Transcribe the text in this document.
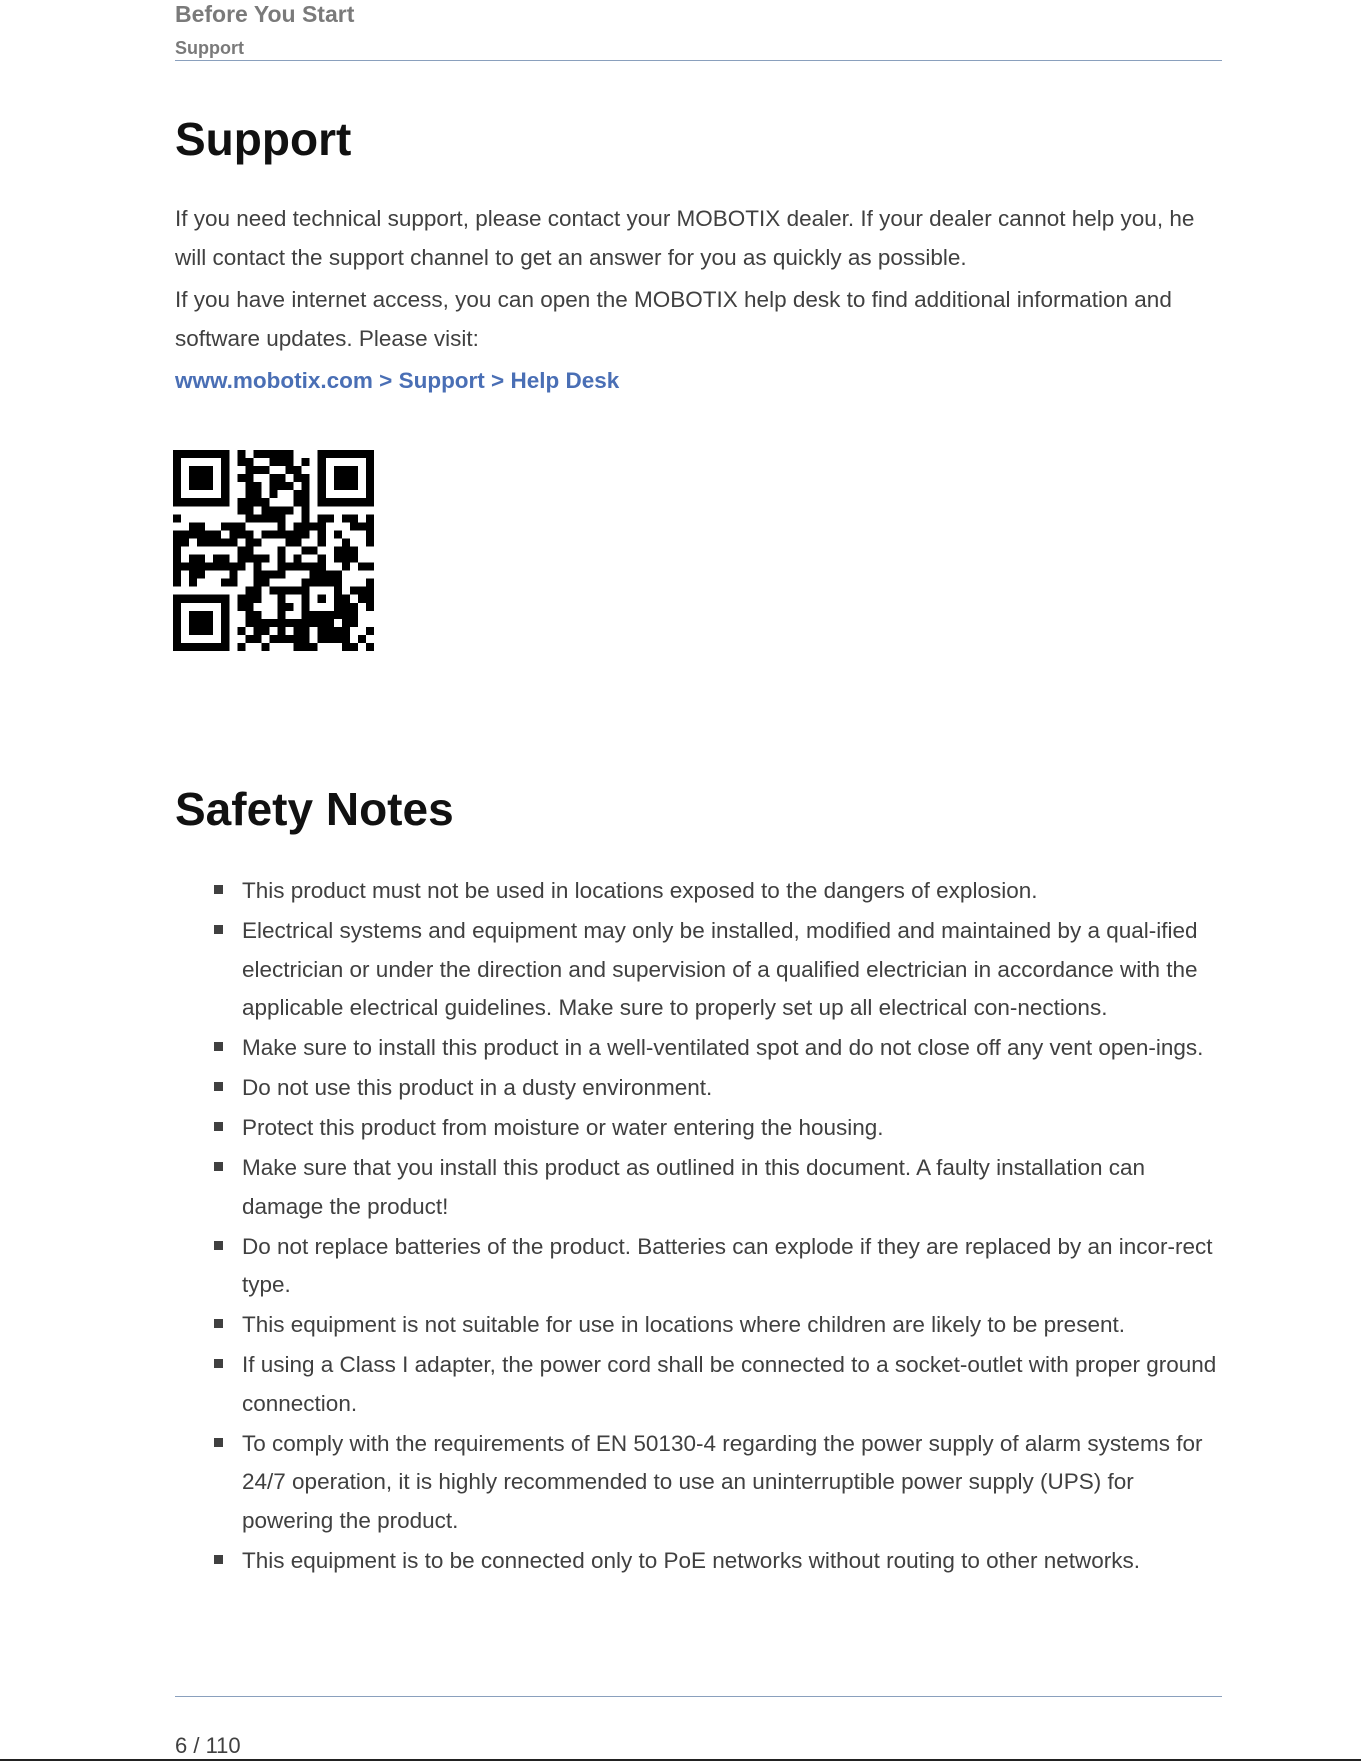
Before You Start
Support
Support

If you need technical support, please contact your MOBOTIX dealer. If your dealer cannot help you, he will contact the support channel to get an answer for you as quickly as possible.

If you have internet access, you can open the MOBOTIX help desk to find additional information and software updates. Please visit:

www.mobotix.com > Support > Help Desk
Safety Notes
This product must not be used in locations exposed to the dangers of explosion.
Electrical systems and equipment may only be installed, modified and maintained by a qual-ified electrician or under the direction and supervision of a qualified electrician in accordance with the applicable electrical guidelines. Make sure to properly set up all electrical con-nections.
Make sure to install this product in a well-ventilated spot and do not close off any vent open-ings.
Do not use this product in a dusty environment.
Protect this product from moisture or water entering the housing.
Make sure that you install this product as outlined in this document. A faulty installation can damage the product!
Do not replace batteries of the product. Batteries can explode if they are replaced by an incor-rect type.
This equipment is not suitable for use in locations where children are likely to be present.
If using a Class I adapter, the power cord shall be connected to a socket-outlet with proper ground connection.
To comply with the requirements of EN 50130-4 regarding the power supply of alarm systems for 24/7 operation, it is highly recommended to use an uninterruptible power supply (UPS) for powering the product.
This equipment is to be connected only to PoE networks without routing to other networks.
6 / 110
